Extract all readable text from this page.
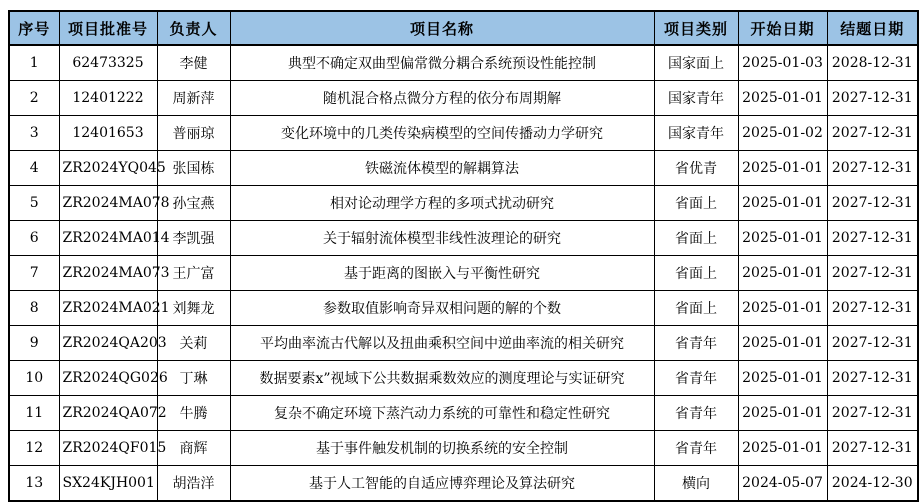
序号	项目批准号	负责人	项目名称	项目类别	开始日期	结题日期
1	62473325	李健	典型不确定双曲型偏常微分耦合系统预设性能控制	国家面上	2025-01-03	2028-12-31
2	12401222	周新萍	随机混合格点微分方程的依分布周期解	国家青年	2025-01-01	2027-12-31
3	12401653	普丽琼	变化环境中的几类传染病模型的空间传播动力学研究	国家青年	2025-01-02	2027-12-31
4	ZR2024YQ045	张国栋	铁磁流体模型的解耦算法	省优青	2025-01-01	2027-12-31
5	ZR2024MA078	孙宝燕	相对论动理学方程的多项式扰动研究	省面上	2025-01-01	2027-12-31
6	ZR2024MA014	李凯强	关于辐射流体模型非线性波理论的研究	省面上	2025-01-01	2027-12-31
7	ZR2024MA073	王广富	基于距离的图嵌入与平衡性研究	省面上	2025-01-01	2027-12-31
8	ZR2024MA021	刘舞龙	参数取值影响奇异双相问题的解的个数	省面上	2025-01-01	2027-12-31
9	ZR2024QA203	关莉	平均曲率流古代解以及扭曲乘积空间中逆曲率流的相关研究	省青年	2025-01-01	2027-12-31
10	ZR2024QG026	丁琳	数据要素x”视域下公共数据乘数效应的测度理论与实证研究	省青年	2025-01-01	2027-12-31
11	ZR2024QA072	牛腾	复杂不确定环境下蒸汽动力系统的可靠性和稳定性研究	省青年	2025-01-01	2027-12-31
12	ZR2024QF015	商辉	基于事件触发机制的切换系统的安全控制	省青年	2025-01-01	2027-12-31
13	SX24KJH001	胡浩洋	基于人工智能的自适应博弈理论及算法研究	横向	2024-05-07	2024-12-30
